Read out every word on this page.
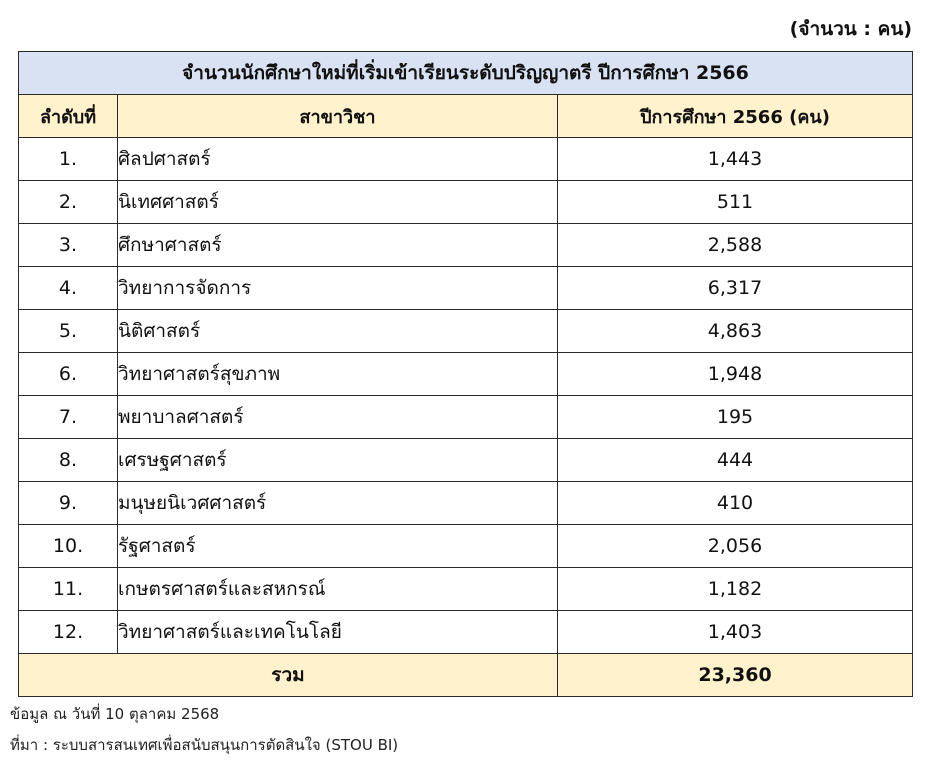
(จำนวน : คน)
จำนวนนักศึกษาใหม่ที่เริ่มเข้าเรียนระดับปริญญาตรี ปีการศึกษา 2566		
ลำดับที่	สาขาวิชา	ปีการศึกษา 2566 (คน)
1.	ศิลปศาสตร์	1,443
2.	นิเทศศาสตร์	511
3.	ศึกษาศาสตร์	2,588
4.	วิทยาการจัดการ	6,317
5.	นิติศาสตร์	4,863
6.	วิทยาศาสตร์สุขภาพ	1,948
7.	พยาบาลศาสตร์	195
8.	เศรษฐศาสตร์	444
9.	มนุษยนิเวศศาสตร์	410
10.	รัฐศาสตร์	2,056
11.	เกษตรศาสตร์และสหกรณ์	1,182
12.	วิทยาศาสตร์และเทคโนโลยี	1,403
รวม		23,360
ข้อมูล ณ วันที่ 10 ตุลาคม 2568
ที่มา : ระบบสารสนเทศเพื่อสนับสนุนการตัดสินใจ (STOU BI)
